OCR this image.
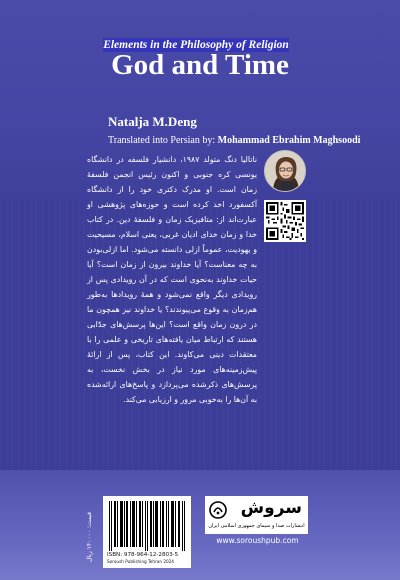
Elements in the Philosophy of Religion
God and Time
Natalja M.Deng
Translated into Persian by: Mohammad Ebrahim Maghsoodi
ناتالیا دنگ متولد ۱۹۸۷، دانشیار فلسفه در دانشگاه یونسی کره جنوبی و اکنون رئیس انجمن فلسفهٔ زمان است. او مدرک دکتری خود را از دانشگاه آکسفورد اخذ کرده است و حوزه‌های پژوهشی او عبارت‌اند از: متافیزیک زمان و فلسفهٔ دین. در کتاب خدا و زمان خدای ادیان غربی، یعنی اسلام، مسیحیت و یهودیت، عموماً ازلی دانسته می‌شود. اما ازلی‌بودن به چه معناست؟ آیا خداوند بیرون از زمان است؟ آیا حیات خداوند به‌نحوی است که در آن رویدادی پس از رویدادی دیگر واقع نمی‌شود و همهٔ رویدادها به‌طور هم‌زمان به وقوع می‌پیوندند؟ یا خداوند نیز همچون ما در درون زمان واقع است؟ این‌ها پرسش‌های جدّابی هستند که ارتباط میان یافته‌های تاریخی و علمی را با معتقدات دینی می‌کاوند. این کتاب، پس از ارائهٔ پیش‌زمینه‌های مورد نیاز در بخش نخست، به پرسش‌های ذکرشده می‌پردازد و پاسخ‌های ارائه‌شده به آن‌ها را به‌خوبی مرور و ارزیابی می‌کند.
قیمت: ۱۴۰۰۰۰ ریال
ISBN: 978-964-12-2803-5
Soroush Publishing Tehran 2024
سروش
انتشارات صدا و سیمای جمهوری اسلامی ایران
www.soroushpub.com
